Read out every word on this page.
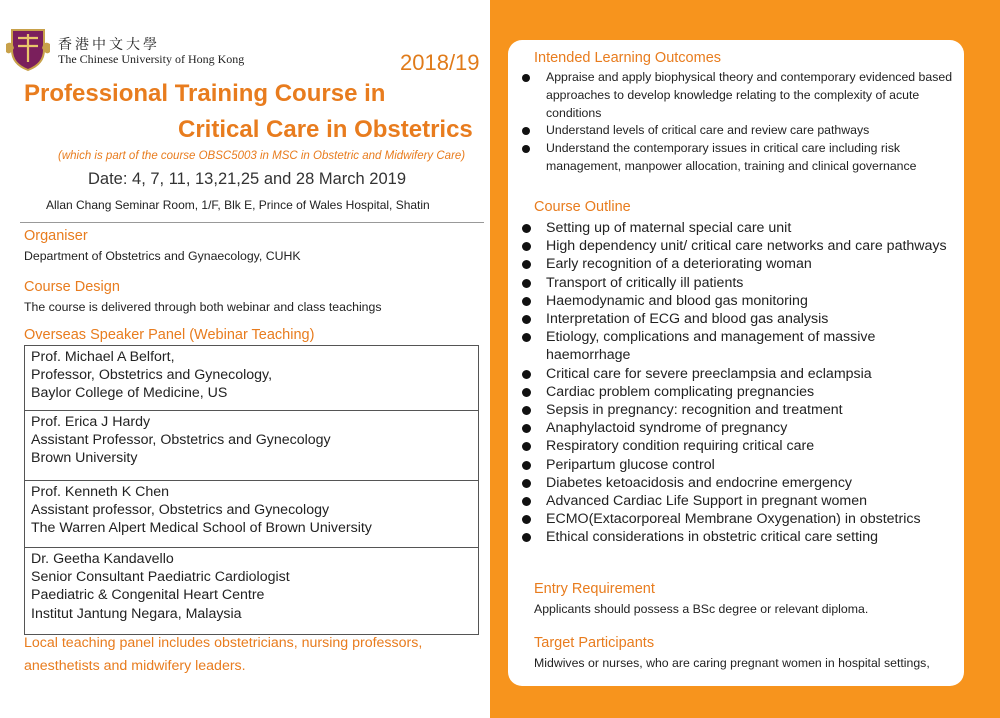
香港中文大學
The Chinese University of Hong Kong	2018/19
Professional Training Course in
Critical Care in Obstetrics
(which is part of the course OBSC5003 in MSC in Obstetric and Midwifery Care)
Date: 4, 7, 11, 13,21,25 and 28 March 2019
Allan Chang Seminar Room, 1/F, Blk E, Prince of Wales Hospital, Shatin
Organiser
Department of Obstetrics and Gynaecology, CUHK
Course Design
The course is delivered through both webinar and class teachings
Overseas Speaker Panel (Webinar Teaching)
Prof. Michael A Belfort,
Professor, Obstetrics and Gynecology,
Baylor College of Medicine, US
Prof. Erica J Hardy
Assistant Professor, Obstetrics and Gynecology
Brown University
Prof. Kenneth K Chen
Assistant professor, Obstetrics and Gynecology
The Warren Alpert Medical School of Brown University
Dr. Geetha Kandavello
Senior Consultant Paediatric Cardiologist
Paediatric & Congenital Heart Centre
Institut Jantung Negara, Malaysia
Local teaching panel includes obstetricians, nursing professors, anesthetists and midwifery leaders.
Intended Learning Outcomes
Appraise and apply biophysical theory and contemporary evidenced based approaches to develop knowledge relating to the complexity of acute conditions
Understand levels of critical care and review care pathways
Understand the contemporary issues in critical care including risk management, manpower allocation, training and clinical governance
Course Outline
Setting up of maternal special care unit
High dependency unit/ critical care networks and care pathways
Early recognition of a deteriorating woman
Transport of critically ill patients
Haemodynamic and blood gas monitoring
Interpretation of ECG and blood gas analysis
Etiology, complications and management of massive haemorrhage
Critical care for severe preeclampsia and eclampsia
Cardiac problem complicating pregnancies
Sepsis in pregnancy: recognition and treatment
Anaphylactoid syndrome of pregnancy
Respiratory condition requiring critical care
Peripartum glucose control
Diabetes ketoacidosis and endocrine emergency
Advanced Cardiac Life Support in pregnant women
ECMO(Extacorporeal Membrane Oxygenation) in obstetrics
Ethical considerations in obstetric critical care setting
Entry Requirement
Applicants should possess a BSc degree or relevant diploma.
Target Participants
Midwives or nurses, who are caring pregnant women in hospital settings,
